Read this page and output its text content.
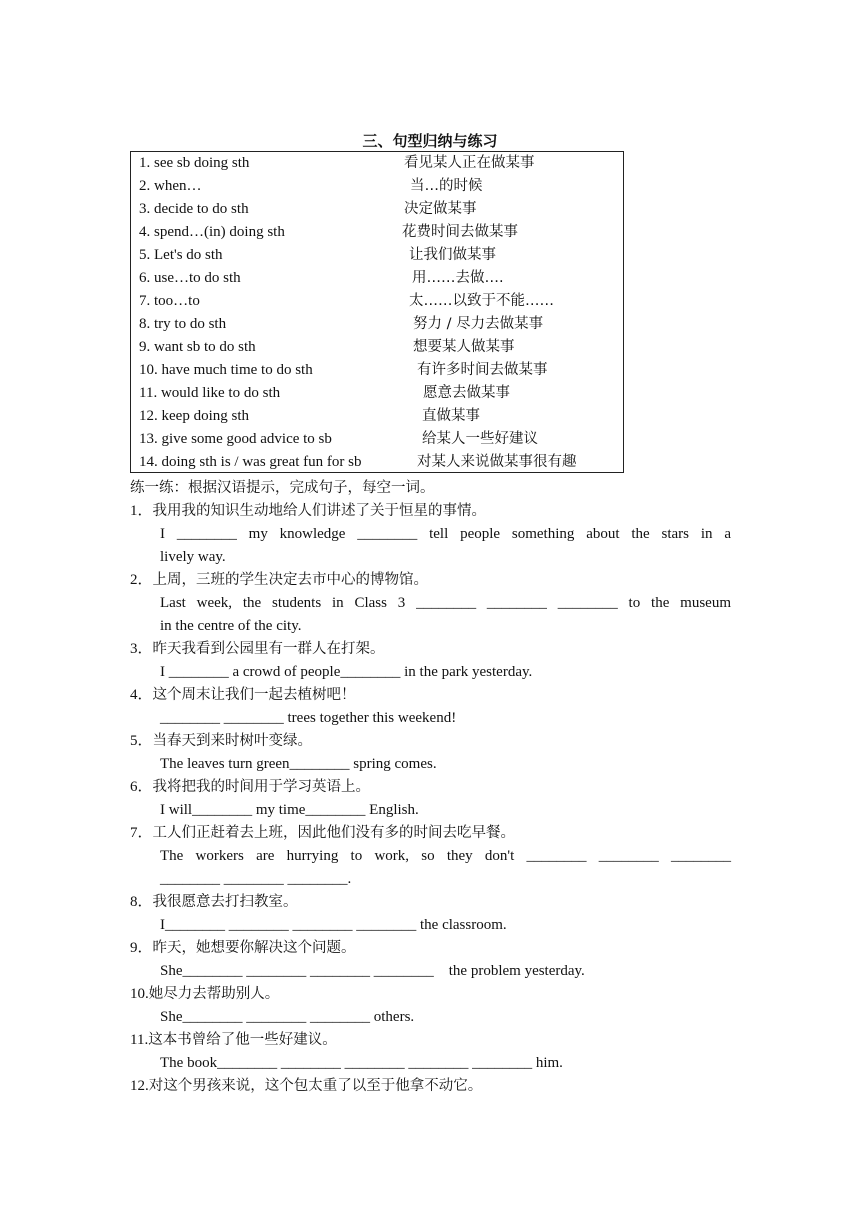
三、句型归纳与练习
1. see sb doing sth	看见某人正在做某事
2. when…	当…的时候
3. decide to do sth	决定做某事
4. spend…(in) doing sth	花费时间去做某事
5. Let's do sth	让我们做某事
6. use…to do sth	用……去做….
7. too…to	太……以致于不能……
8. try to do sth	努力 / 尽力去做某事
9. want sb to do sth	想要某人做某事
10. have much time to do sth	有许多时间去做某事
11. would like to do sth	愿意去做某事
12. keep doing sth	直做某事
13. give some good advice to sb	给某人一些好建议
14. doing sth is / was great fun for sb	对某人来说做某事很有趣
练一练：根据汉语提示，完成句子，每空一词。
1．我用我的知识生动地给人们讲述了关于恒星的事情。
I ________ my knowledge ________ tell people something about the stars in a
lively way.
2．上周，三班的学生决定去市中心的博物馆。
Last week, the students in Class 3 ________ ________ ________ to the museum
in the centre of the city.
3．昨天我看到公园里有一群人在打架。
I ________ a crowd of people________ in the park yesterday.
4．这个周末让我们一起去植树吧！
________ ________ trees together this weekend!
5．当春天到来时树叶变绿。
The leaves turn green________ spring comes.
6．我将把我的时间用于学习英语上。
I will________ my time________ English.
7．工人们正赶着去上班，因此他们没有多的时间去吃早餐。
The workers are hurrying to work, so they don't ________ ________ ________
________ ________ ________.
8．我很愿意去打扫教室。
I________ ________ ________ ________ the classroom.
9．昨天，她想要你解决这个问题。
She________ ________ ________ ________    the problem yesterday.
10.她尽力去帮助别人。
She________ ________ ________ others.
11.这本书曾给了他一些好建议。
The book________ ________ ________ ________ ________ him.
12.对这个男孩来说，这个包太重了以至于他拿不动它。
